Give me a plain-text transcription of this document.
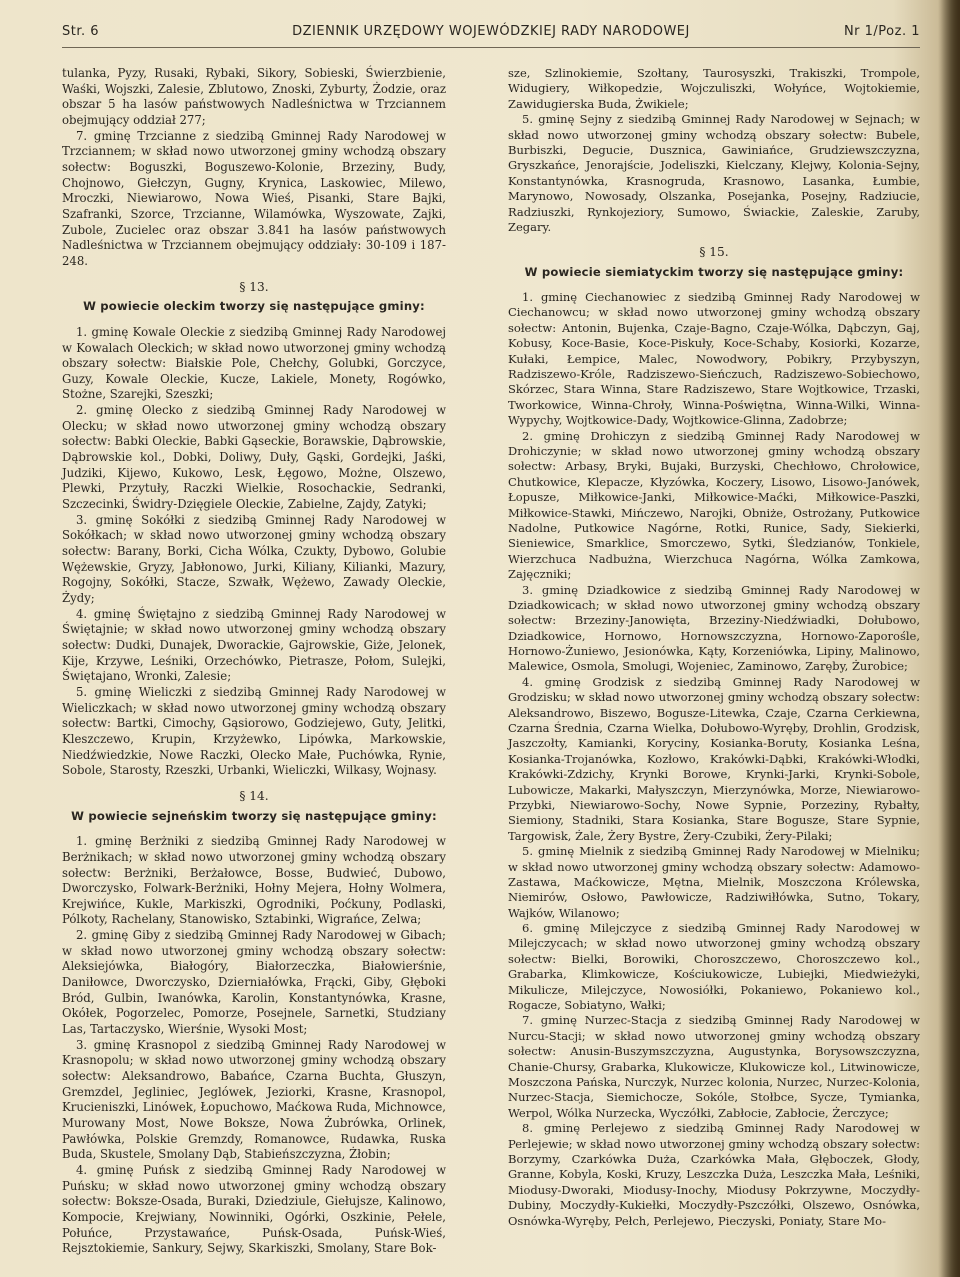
Str. 6	DZIENNIK URZĘDOWY WOJEWÓDZKIEJ RADY NARODOWEJ	Nr 1/Poz. 1

tulanka, Pyzy, Rusaki, Rybaki, Sikory, Sobieski, Świerzbienie, Waśki, Wojszki, Zalesie, Zblutowo, Znoski, Zyburty, Żodzie, oraz obszar 5 ha lasów państwowych Nadleśnictwa w Trzciannem obejmujący oddział 277;

7. gminę Trzcianne z siedzibą Gminnej Rady Narodowej w Trzciannem; w skład nowo utworzonej gminy wchodzą obszary sołectw: Boguszki, Boguszewo-Kolonie, Brzeziny, Budy, Chojnowo, Giełczyn, Gugny, Krynica, Laskowiec, Milewo, Mroczki, Niewiarowo, Nowa Wieś, Pisanki, Stare Bajki, Szafranki, Szorce, Trzcianne, Wilamówka, Wyszowate, Zajki, Zubole, Zucielec oraz obszar 3.841 ha lasów państwowych Nadleśnictwa w Trzciannem obejmujący oddziały: 30-109 i 187-248.

§ 13.
W powiecie oleckim tworzy się następujące gminy:

1. gminę Kowale Oleckie z siedzibą Gminnej Rady Narodowej w Kowalach Oleckich; w skład nowo utworzonej gminy wchodzą obszary sołectw: Białskie Pole, Chełchy, Golubki, Gorczyce, Guzy, Kowale Oleckie, Kucze, Lakiele, Monety, Rogówko, Stożne, Szarejki, Szeszki;

2. gminę Olecko z siedzibą Gminnej Rady Narodowej w Olecku; w skład nowo utworzonej gminy wchodzą obszary sołectw: Babki Oleckie, Babki Gąseckie, Borawskie, Dąbrowskie, Dąbrowskie kol., Dobki, Doliwy, Duły, Gąski, Gordejki, Jaśki, Judziki, Kijewo, Kukowo, Lesk, Łęgowo, Możne, Olszewo, Plewki, Przytuły, Raczki Wielkie, Rosochackie, Sedranki, Szczecinki, Świdry-Dzięgiele Oleckie, Zabielne, Zajdy, Zatyki;

3. gminę Sokółki z siedzibą Gminnej Rady Narodowej w Sokółkach; w skład nowo utworzonej gminy wchodzą obszary sołectw: Barany, Borki, Cicha Wólka, Czukty, Dybowo, Golubie Wężewskie, Gryzy, Jabłonowo, Jurki, Kiliany, Kilianki, Mazury, Rogojny, Sokółki, Stacze, Szwałk, Wężewo, Zawady Oleckie, Żydy;

4. gminę Świętajno z siedzibą Gminnej Rady Narodowej w Świętajnie; w skład nowo utworzonej gminy wchodzą obszary sołectw: Dudki, Dunajek, Dworackie, Gajrowskie, Giże, Jelonek, Kije, Krzywe, Leśniki, Orzechówko, Pietrasze, Połom, Sulejki, Świętajano, Wronki, Zalesie;

5. gminę Wieliczki z siedzibą Gminnej Rady Narodowej w Wieliczkach; w skład nowo utworzonej gminy wchodzą obszary sołectw: Bartki, Cimochy, Gąsiorowo, Godziejewo, Guty, Jelitki, Kleszczewo, Krupin, Krzyżewko, Lipówka, Markowskie, Niedźwiedzkie, Nowe Raczki, Olecko Małe, Puchówka, Rynie, Sobole, Starosty, Rzeszki, Urbanki, Wieliczki, Wilkasy, Wojnasy.

§ 14.
W powiecie sejneńskim tworzy się następujące gminy:

1. gminę Berżniki z siedzibą Gminnej Rady Narodowej w Berżnikach; w skład nowo utworzonej gminy wchodzą obszary sołectw: Berżniki, Berżałowce, Bosse, Budwieć, Dubowo, Dworczysko, Folwark-Berżniki, Hołny Mejera, Hołny Wolmera, Krejwińce, Kukle, Markiszki, Ogrodniki, Poćkuny, Podlaski, Pólkoty, Rachelany, Stanowisko, Sztabinki, Wigrańce, Zelwa;

2. gminę Giby z siedzibą Gminnej Rady Narodowej w Gibach; w skład nowo utworzonej gminy wchodzą obszary sołectw: Aleksiejówka, Białogóry, Białorzeczka, Białowierśnie, Daniłowce, Dworczysko, Dzierniałówka, Frącki, Giby, Głęboki Bród, Gulbin, Iwanówka, Karolin, Konstantynówka, Krasne, Okółek, Pogorzelec, Pomorze, Posejnele, Sarnetki, Studziany Las, Tartaczysko, Wierśnie, Wysoki Most;

3. gminę Krasnopol z siedzibą Gminnej Rady Narodowej w Krasnopolu; w skład nowo utworzonej gminy wchodzą obszary sołectw: Aleksandrowo, Babańce, Czarna Buchta, Głuszyn, Gremzdel, Jegliniec, Jeglówek, Jeziorki, Krasne, Krasnopol, Krucieniszki, Linówek, Łopuchowo, Maćkowa Ruda, Michnowce, Murowany Most, Nowe Boksze, Nowa Żubrówka, Orlinek, Pawłówka, Polskie Gremzdy, Romanowce, Rudawka, Ruska Buda, Skustele, Smolany Dąb, Stabieńszczyzna, Żłobin;

4. gminę Puńsk z siedzibą Gminnej Rady Narodowej w Puńsku; w skład nowo utworzonej gminy wchodzą obszary sołectw: Boksze-Osada, Buraki, Dziedziule, Giełujsze, Kalinowo, Kompocie, Krejwiany, Nowinniki, Ogórki, Oszkinie, Pełele, Połuńce, Przystawańce, Puńsk-Osada, Puńsk-Wieś, Rejsztokiemie, Sankury, Sejwy, Skarkiszki, Smolany, Stare Bok-

sze, Szlinokiemie, Szołtany, Taurosyszki, Trakiszki, Trompole, Widugiery, Wiłkopedzie, Wojczuliszki, Wołyńce, Wojtokiemie, Zawidugierska Buda, Żwikiele;

5. gminę Sejny z siedzibą Gminnej Rady Narodowej w Sejnach; w skład nowo utworzonej gminy wchodzą obszary sołectw: Bubele, Burbiszki, Degucie, Dusznica, Gawiniańce, Grudziewszczyzna, Gryszkańce, Jenorajście, Jodeliszki, Kielczany, Klejwy, Kolonia-Sejny, Konstantynówka, Krasnogruda, Krasnowo, Lasanka, Łumbie, Marynowo, Nowosady, Olszanka, Posejanka, Posejny, Radziucie, Radziuszki, Rynkojeziory, Sumowo, Świackie, Zaleskie, Zaruby, Zegary.

§ 15.
W powiecie siemiatyckim tworzy się następujące gminy:

1. gminę Ciechanowiec z siedzibą Gminnej Rady Narodowej w Ciechanowcu; w skład nowo utworzonej gminy wchodzą obszary sołectw: Antonin, Bujenka, Czaje-Bagno, Czaje-Wólka, Dąbczyn, Gaj, Kobusy, Koce-Basie, Koce-Piskuły, Koce-Schaby, Kosiorki, Kozarze, Kułaki, Łempice, Malec, Nowodwory, Pobikry, Przybyszyn, Radziszewo-Króle, Radziszewo-Sieńczuch, Radziszewo-Sobiechowo, Skórzec, Stara Winna, Stare Radziszewo, Stare Wojtkowice, Trzaski, Tworkowice, Winna-Chroły, Winna-Poświętna, Winna-Wilki, Winna-Wypychy, Wojtkowice-Dady, Wojtkowice-Glinna, Zadobrze;

2. gminę Drohiczyn z siedzibą Gminnej Rady Narodowej w Drohiczynie; w skład nowo utworzonej gminy wchodzą obszary sołectw: Arbasy, Bryki, Bujaki, Burzyski, Chechłowo, Chrołowice, Chutkowice, Klepacze, Kłyzówka, Koczery, Lisowo, Lisowo-Janówek, Łopusze, Miłkowice-Janki, Miłkowice-Maćki, Miłkowice-Paszki, Miłkowice-Stawki, Mińczewo, Narojki, Obniże, Ostrożany, Putkowice Nadolne, Putkowice Nagórne, Rotki, Runice, Sady, Siekierki, Sieniewice, Smarklice, Smorczewo, Sytki, Śledzianów, Tonkiele, Wierzchuca Nadbużna, Wierzchuca Nagórna, Wólka Zamkowa, Zajęczniki;

3. gminę Dziadkowice z siedzibą Gminnej Rady Narodowej w Dziadkowicach; w skład nowo utworzonej gminy wchodzą obszary sołectw: Brzeziny-Janowięta, Brzeziny-Niedźwiadki, Dołubowo, Dziadkowice, Hornowo, Hornowszczyzna, Hornowo-Zaporośle, Hornowo-Żuniewo, Jesionówka, Kąty, Korzeniówka, Lipiny, Malinowo, Malewice, Osmola, Smolugi, Wojeniec, Zaminowo, Zaręby, Żurobice;

4. gminę Grodzisk z siedzibą Gminnej Rady Narodowej w Grodzisku; w skład nowo utworzonej gminy wchodzą obszary sołectw: Aleksandrowo, Biszewo, Bogusze-Litewka, Czaje, Czarna Cerkiewna, Czarna Średnia, Czarna Wielka, Dołubowo-Wyręby, Drohlin, Grodzisk, Jaszczołty, Kamianki, Koryciny, Kosianka-Boruty, Kosianka Leśna, Kosianka-Trojanówka, Kozłowo, Krakówki-Dąbki, Krakówki-Włodki, Krakówki-Zdzichy, Krynki Borowe, Krynki-Jarki, Krynki-Sobole, Lubowicze, Makarki, Małyszczyn, Mierzynówka, Morze, Niewiarowo-Przybki, Niewiarowo-Sochy, Nowe Sypnie, Porzeziny, Rybałty, Siemiony, Stadniki, Stara Kosianka, Stare Bogusze, Stare Sypnie, Targowisk, Żale, Żery Bystre, Żery-Czubiki, Żery-Pilaki;

5. gminę Mielnik z siedzibą Gminnej Rady Narodowej w Mielniku; w skład nowo utworzonej gminy wchodzą obszary sołectw: Adamowo-Zastawa, Maćkowicze, Mętna, Mielnik, Moszczona Królewska, Niemirów, Osłowo, Pawłowicze, Radziwiłłówka, Sutno, Tokary, Wajków, Wilanowo;

6. gminę Milejczyce z siedzibą Gminnej Rady Narodowej w Milejczycach; w skład nowo utworzonej gminy wchodzą obszary sołectw: Bielki, Borowiki, Choroszczewo, Choroszczewo kol., Grabarka, Klimkowicze, Kościukowicze, Lubiejki, Miedwieżyki, Mikulicze, Milejczyce, Nowosiółki, Pokaniewo, Pokaniewo kol., Rogacze, Sobiatyno, Wałki;

7. gminę Nurzec-Stacja z siedzibą Gminnej Rady Narodowej w Nurcu-Stacji; w skład nowo utworzonej gminy wchodzą obszary sołectw: Anusin-Buszymszczyzna, Augustynka, Borysowszczyzna, Chanie-Chursy, Grabarka, Klukowicze, Klukowicze kol., Litwinowicze, Moszczona Pańska, Nurczyk, Nurzec kolonia, Nurzec, Nurzec-Kolonia, Nurzec-Stacja, Siemichocze, Sokóle, Stołbce, Sycze, Tymianka, Werpol, Wólka Nurzecka, Wyczółki, Zabłocie, Zabłocie, Żerczyce;

8. gminę Perlejewo z siedzibą Gminnej Rady Narodowej w Perlejewie; w skład nowo utworzonej gminy wchodzą obszary sołectw: Borzymy, Czarkówka Duża, Czarkówka Mała, Głęboczek, Głody, Granne, Kobyla, Koski, Kruzy, Leszczka Duża, Leszczka Mała, Leśniki, Miodusy-Dworaki, Miodusy-Inochy, Miodusy Pokrzywne, Moczydły-Dubiny, Moczydły-Kukiełki, Moczydły-Pszczółki, Olszewo, Osnówka, Osnówka-Wyręby, Pełch, Perlejewo, Pieczyski, Poniaty, Stare Mo-
